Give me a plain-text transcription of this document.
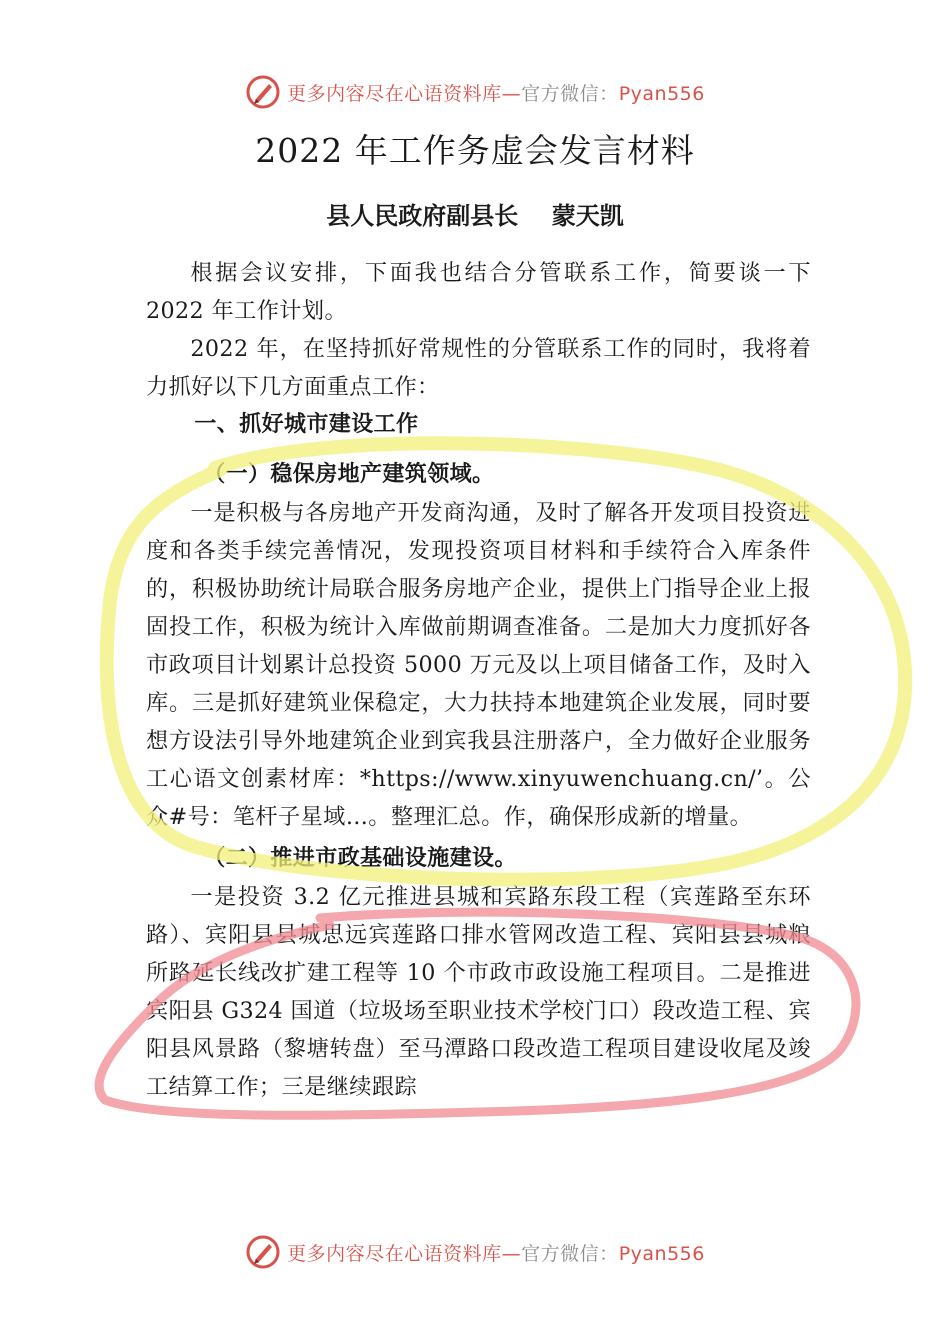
更多内容尽在心语资料库—官方微信：Pyan556
2022 年工作务虚会发言材料
县人民政府副县长    蒙天凯

根据会议安排，下面我也结合分管联系工作，简要谈一下 2022 年工作计划。

2022 年，在坚持抓好常规性的分管联系工作的同时，我将着力抓好以下几方面重点工作：

一、抓好城市建设工作

（一）稳保房地产建筑领域。

一是积极与各房地产开发商沟通，及时了解各开发项目投资进度和各类手续完善情况，发现投资项目材料和手续符合入库条件的，积极协助统计局联合服务房地产企业，提供上门指导企业上报固投工作，积极为统计入库做前期调查准备。二是加大力度抓好各市政项目计划累计总投资 5000 万元及以上项目储备工作，及时入库。三是抓好建筑业保稳定，大力扶持本地建筑企业发展，同时要想方设法引导外地建筑企业到宾我县注册落户，全力做好企业服务工心语文创素材库：*https://www.xinyuwenchuang.cn/’。公众#号：笔杆子星域…。整理汇总。作，确保形成新的增量。

（二）推进市政基础设施建设。

一是投资 3.2 亿元推进县城和宾路东段工程（宾莲路至东环路）、宾阳县县城思远宾莲路口排水管网改造工程、宾阳县县城粮所路延长线改扩建工程等 10 个市政市政设施工程项目。二是推进宾阳县 G324 国道（垃圾场至职业技术学校门口）段改造工程、宾阳县风景路（黎塘转盘）至马潭路口段改造工程项目建设收尾及竣工结算工作；三是继续跟踪

更多内容尽在心语资料库—官方微信：Pyan556
